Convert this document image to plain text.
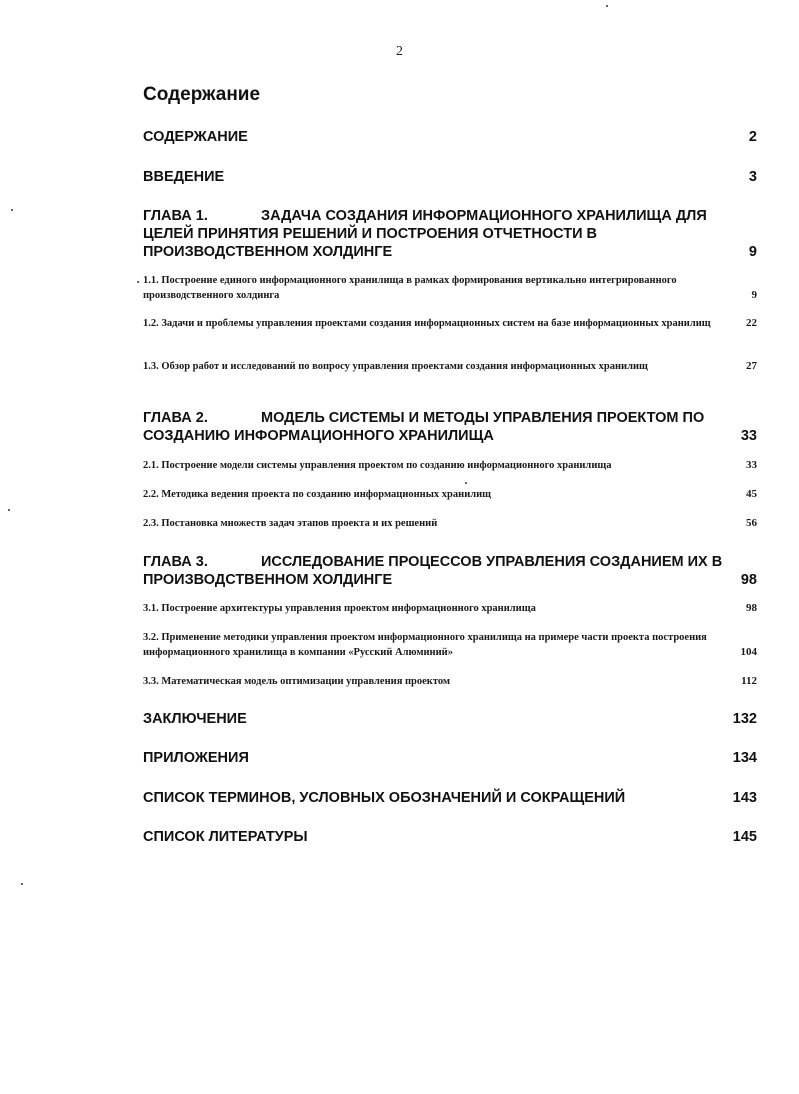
2
Содержание
СОДЕРЖАНИЕ	2
ВВЕДЕНИЕ	3
ГЛАВА 1.	ЗАДАЧА СОЗДАНИЯ ИНФОРМАЦИОННОГО ХРАНИЛИЩА ДЛЯ ЦЕЛЕЙ ПРИНЯТИЯ РЕШЕНИЙ И ПОСТРОЕНИЯ ОТЧЕТНОСТИ В ПРОИЗВОДСТВЕННОМ ХОЛДИНГЕ	9
1.1. Построение единого информационного хранилища в рамках формирования вертикально интегрированного производственного холдинга	9
1.2. Задачи и проблемы управления проектами создания информационных систем на базе информационных хранилищ	22
1.3. Обзор работ и исследований по вопросу управления проектами создания информационных хранилищ	27
ГЛАВА 2.	МОДЕЛЬ СИСТЕМЫ И МЕТОДЫ УПРАВЛЕНИЯ ПРОЕКТОМ ПО СОЗДАНИЮ ИНФОРМАЦИОННОГО ХРАНИЛИЩА	33
2.1. Построение модели системы управления проектом по созданию информационного хранилища	33
2.2. Методика ведения проекта по созданию информационных хранилищ	45
2.3. Постановка множеств задач этапов проекта и их решений	56
ГЛАВА 3.	ИССЛЕДОВАНИЕ ПРОЦЕССОВ УПРАВЛЕНИЯ СОЗДАНИЕМ ИХ В ПРОИЗВОДСТВЕННОМ ХОЛДИНГЕ	98
3.1. Построение архитектуры управления проектом информационного хранилища	98
3.2. Применение методики управления проектом информационного хранилища на примере части проекта построения информационного хранилища в компании «Русский Алюминий»	104
3.3. Математическая модель оптимизации управления проектом	112
ЗАКЛЮЧЕНИЕ	132
ПРИЛОЖЕНИЯ	134
СПИСОК ТЕРМИНОВ, УСЛОВНЫХ ОБОЗНАЧЕНИЙ И СОКРАЩЕНИЙ	143
СПИСОК ЛИТЕРАТУРЫ	145
